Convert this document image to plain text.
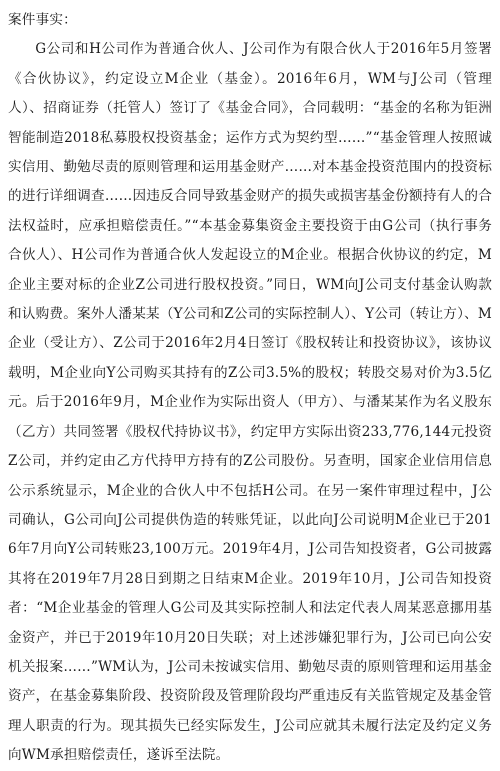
案件事实：

G公司和H公司作为普通合伙人、J公司作为有限合伙人于2016年5月签署《合伙协议》，约定设立M企业（基金）。2016年6月，WM与J公司（管理人）、招商证券（托管人）签订了《基金合同》，合同载明：“基金的名称为钜洲智能制造2018私募股权投资基金；运作方式为契约型……”“基金管理人按照诚实信用、勤勉尽责的原则管理和运用基金财产……对本基金投资范围内的投资标的进行详细调查……因违反合同导致基金财产的损失或损害基金份额持有人的合法权益时，应承担赔偿责任。”“本基金募集资金主要投资于由G公司（执行事务合伙人）、H公司作为普通合伙人发起设立的M企业。根据合伙协议的约定，M企业主要对标的企业Z公司进行股权投资。”同日，WM向J公司支付基金认购款和认购费。案外人潘某某（Y公司和Z公司的实际控制人）、Y公司（转让方）、M企业（受让方）、Z公司于2016年2月4日签订《股权转让和投资协议》，该协议载明，M企业向Y公司购买其持有的Z公司3.5%的股权；转股交易对价为3.5亿元。后于2016年9月，M企业作为实际出资人（甲方）、与潘某某作为名义股东（乙方）共同签署《股权代持协议书》，约定甲方实际出资233,776,144元投资Z公司，并约定由乙方代持甲方持有的Z公司股份。另查明，国家企业信用信息公示系统显示，M企业的合伙人中不包括H公司。在另一案件审理过程中，J公司确认，G公司向J公司提供伪造的转账凭证，以此向J公司说明M企业已于2016年7月向Y公司转账23,100万元。2019年4月，J公司告知投资者，G公司披露其将在2019年7月28日到期之日结束M企业。2019年10月，J公司告知投资者：“M企业基金的管理人G公司及其实际控制人和法定代表人周某恶意挪用基金资产，并已于2019年10月20日失联；对上述涉嫌犯罪行为，J公司已向公安机关报案……”WM认为，J公司未按诚实信用、勤勉尽责的原则管理和运用基金资产，在基金募集阶段、投资阶段及管理阶段均严重违反有关监管规定及基金管理人职责的行为。现其损失已经实际发生，J公司应就其未履行法定及约定义务向WM承担赔偿责任，遂诉至法院。
